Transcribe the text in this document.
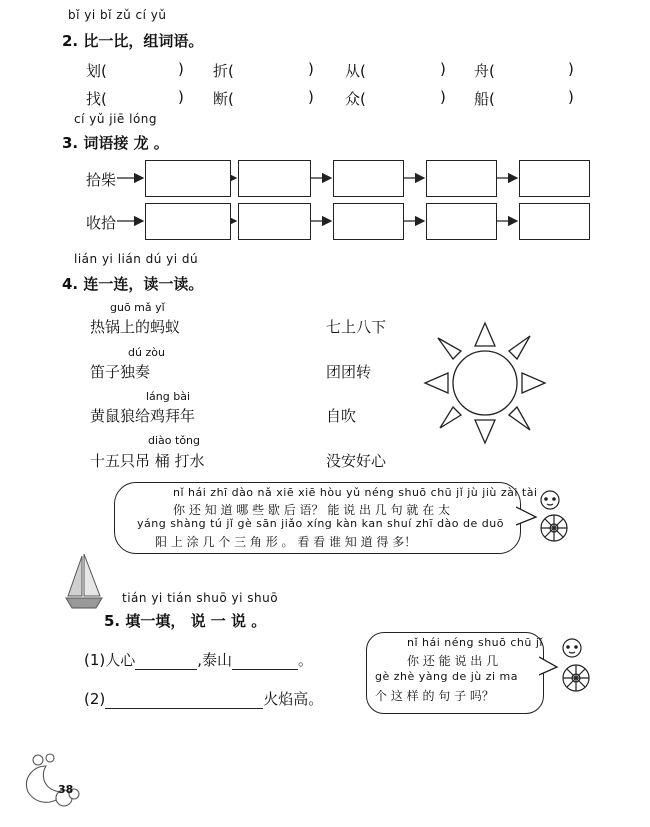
bǐ yi bǐ zǔ cí yǔ
2. 比一比，组词语。
划(	) 折(	) 从(	) 舟(	)
找(	) 断(	) 众(	) 船(	)
cí yǔ jiē lóng
3. 词语接 龙 。
拾柴
收拾
lián yi lián dú yi dú
4. 连一连，读一读。
guō mǎ yǐ
热锅上的蚂蚁
dú zòu
笛子独奏
láng bài
黄鼠狼给鸡拜年
diào tǒng
十五只吊 桶 打水
七上八下
团团转
自吹
没安好心
nǐ hái zhī dào nǎ xiē xiē hòu yǔ néng shuō chū jǐ jù jiù zài tài
你 还 知 道 哪 些 歇 后 语？ 能 说 出 几 句 就 在 太
yáng shàng tú jǐ gè sān jiǎo xíng kàn kan shuí zhī dào de duō
阳 上 涂 几 个 三 角 形 。 看 看 谁 知 道 得 多！
tián yi tián shuō yi shuō
5. 填一填， 说 一 说 。
(1)人心	,泰山	。
(2)	火焰高。
nǐ hái néng shuō chū jǐ
你 还 能 说 出 几
gè zhè yàng de jù zi ma
个 这 样 的 句 子 吗？
38
